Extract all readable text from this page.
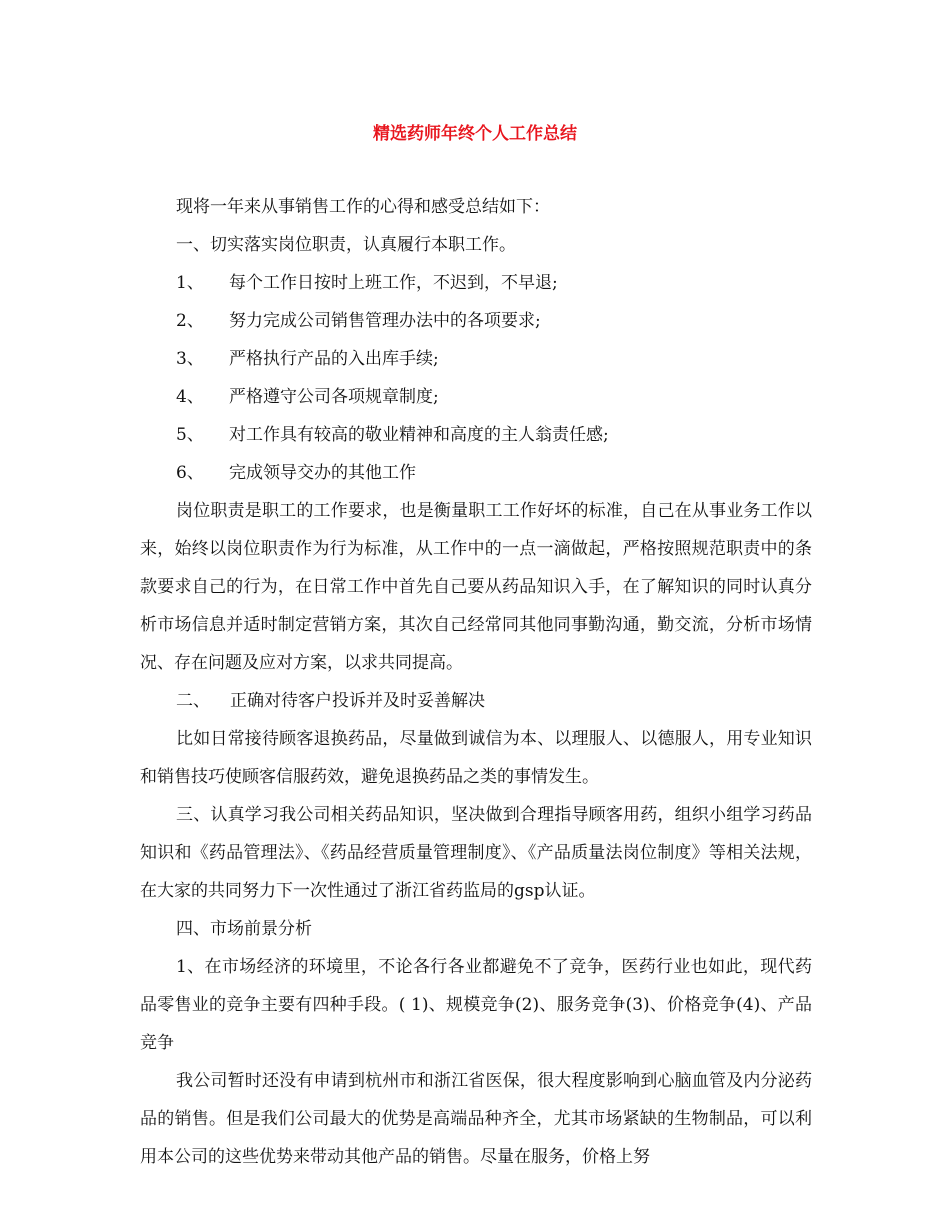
精选药师年终个人工作总结

现将一年来从事销售工作的心得和感受总结如下：

一、切实落实岗位职责，认真履行本职工作。

1、 每个工作日按时上班工作，不迟到，不早退;

2、 努力完成公司销售管理办法中的各项要求;

3、 严格执行产品的入出库手续;

4、 严格遵守公司各项规章制度;

5、 对工作具有较高的敬业精神和高度的主人翁责任感;

6、 完成领导交办的其他工作

岗位职责是职工的工作要求，也是衡量职工工作好坏的标准，自己在从事业务工作以来，始终以岗位职责作为行为标准，从工作中的一点一滴做起，严格按照规范职责中的条款要求自己的行为，在日常工作中首先自己要从药品知识入手，在了解知识的同时认真分析市场信息并适时制定营销方案，其次自己经常同其他同事勤沟通，勤交流，分析市场情况、存在问题及应对方案，以求共同提高。

二、 正确对待客户投诉并及时妥善解决

比如日常接待顾客退换药品，尽量做到诚信为本、以理服人、以德服人，用专业知识和销售技巧使顾客信服药效，避免退换药品之类的事情发生。

三、认真学习我公司相关药品知识，坚决做到合理指导顾客用药，组织小组学习药品知识和《药品管理法》、《药品经营质量管理制度》、《产品质量法岗位制度》等相关法规，在大家的共同努力下一次性通过了浙江省药监局的gsp认证。

四、市场前景分析

1、在市场经济的环境里，不论各行各业都避免不了竞争，医药行业也如此，现代药品零售业的竞争主要有四种手段。( 1)、规模竞争(2)、服务竞争(3)、价格竞争(4)、产品竞争

我公司暂时还没有申请到杭州市和浙江省医保，很大程度影响到心脑血管及内分泌药品的销售。但是我们公司最大的优势是高端品种齐全，尤其市场紧缺的生物制品，可以利用本公司的这些优势来带动其他产品的销售。尽量在服务，价格上努
